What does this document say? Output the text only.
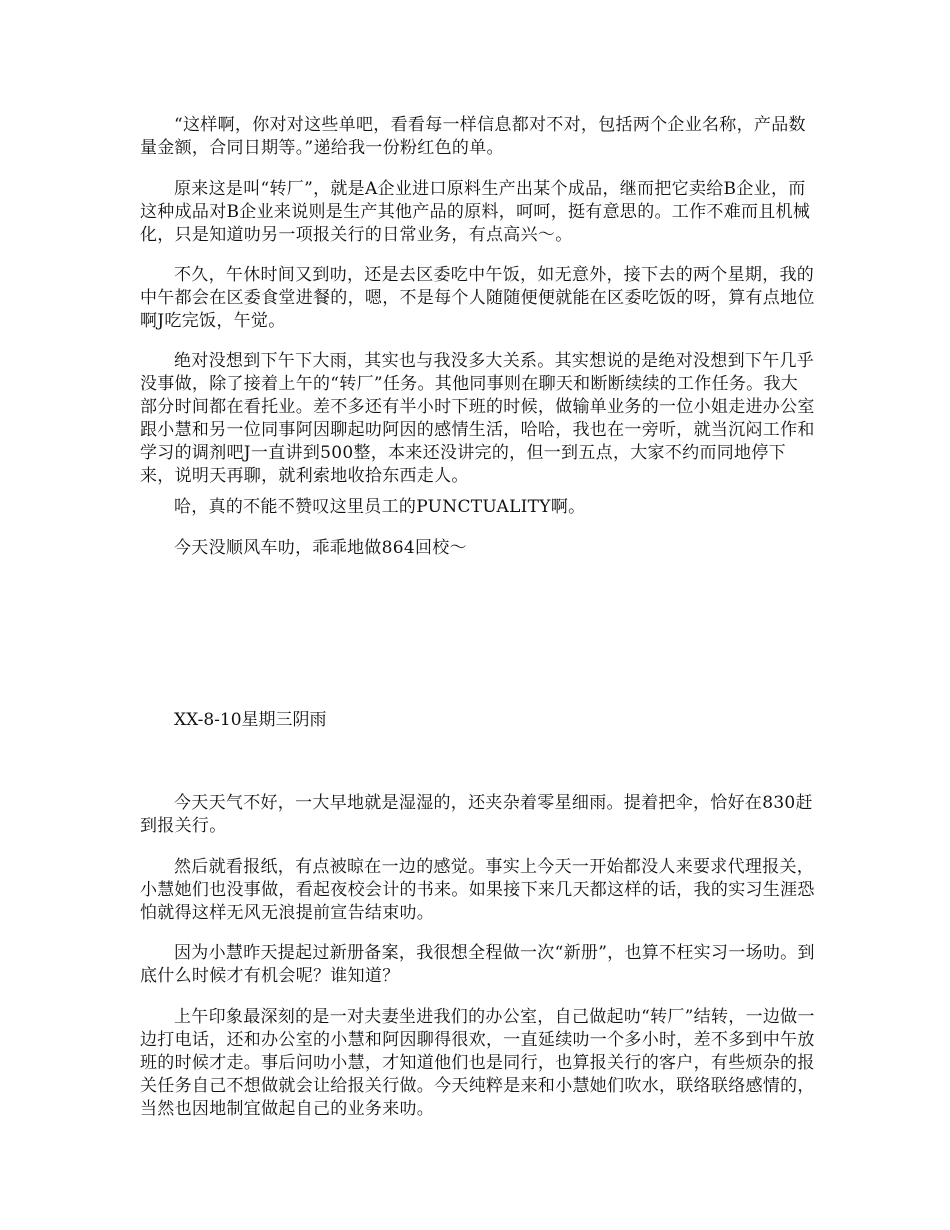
“这样啊，你对对这些单吧，看看每一样信息都对不对，包括两个企业名称，产品数量金额，合同日期等。”递给我一份粉红色的单。

原来这是叫“转厂”，就是A企业进口原料生产出某个成品，继而把它卖给B企业，而这种成品对B企业来说则是生产其他产品的原料，呵呵，挺有意思的。工作不难而且机械化，只是知道叻另一项报关行的日常业务，有点高兴～。

不久，午休时间又到叻，还是去区委吃中午饭，如无意外，接下去的两个星期，我的中午都会在区委食堂进餐的，嗯，不是每个人随随便便就能在区委吃饭的呀，算有点地位啊J吃完饭，午觉。

绝对没想到下午下大雨，其实也与我没多大关系。其实想说的是绝对没想到下午几乎没事做，除了接着上午的“转厂”任务。其他同事则在聊天和断断续续的工作任务。我大部分时间都在看托业。差不多还有半小时下班的时候，做输单业务的一位小姐走进办公室跟小慧和另一位同事阿因聊起叻阿因的感情生活，哈哈，我也在一旁听，就当沉闷工作和学习的调剂吧J一直讲到500整，本来还没讲完的，但一到五点，大家不约而同地停下来，说明天再聊，就利索地收拾东西走人。

哈，真的不能不赞叹这里员工的PUNCTUALITY啊。

今天没顺风车叻，乖乖地做864回校～

XX-8-10星期三阴雨

今天天气不好，一大早地就是湿湿的，还夹杂着零星细雨。提着把伞，恰好在830赶到报关行。

然后就看报纸，有点被晾在一边的感觉。事实上今天一开始都没人来要求代理报关，小慧她们也没事做，看起夜校会计的书来。如果接下来几天都这样的话，我的实习生涯恐怕就得这样无风无浪提前宣告结束叻。

因为小慧昨天提起过新册备案，我很想全程做一次“新册”，也算不枉实习一场叻。到底什么时候才有机会呢？谁知道？

上午印象最深刻的是一对夫妻坐进我们的办公室，自己做起叻“转厂”结转，一边做一边打电话，还和办公室的小慧和阿因聊得很欢，一直延续叻一个多小时，差不多到中午放班的时候才走。事后问叻小慧，才知道他们也是同行，也算报关行的客户，有些烦杂的报关任务自己不想做就会让给报关行做。今天纯粹是来和小慧她们吹水，联络联络感情的，当然也因地制宜做起自己的业务来叻。
